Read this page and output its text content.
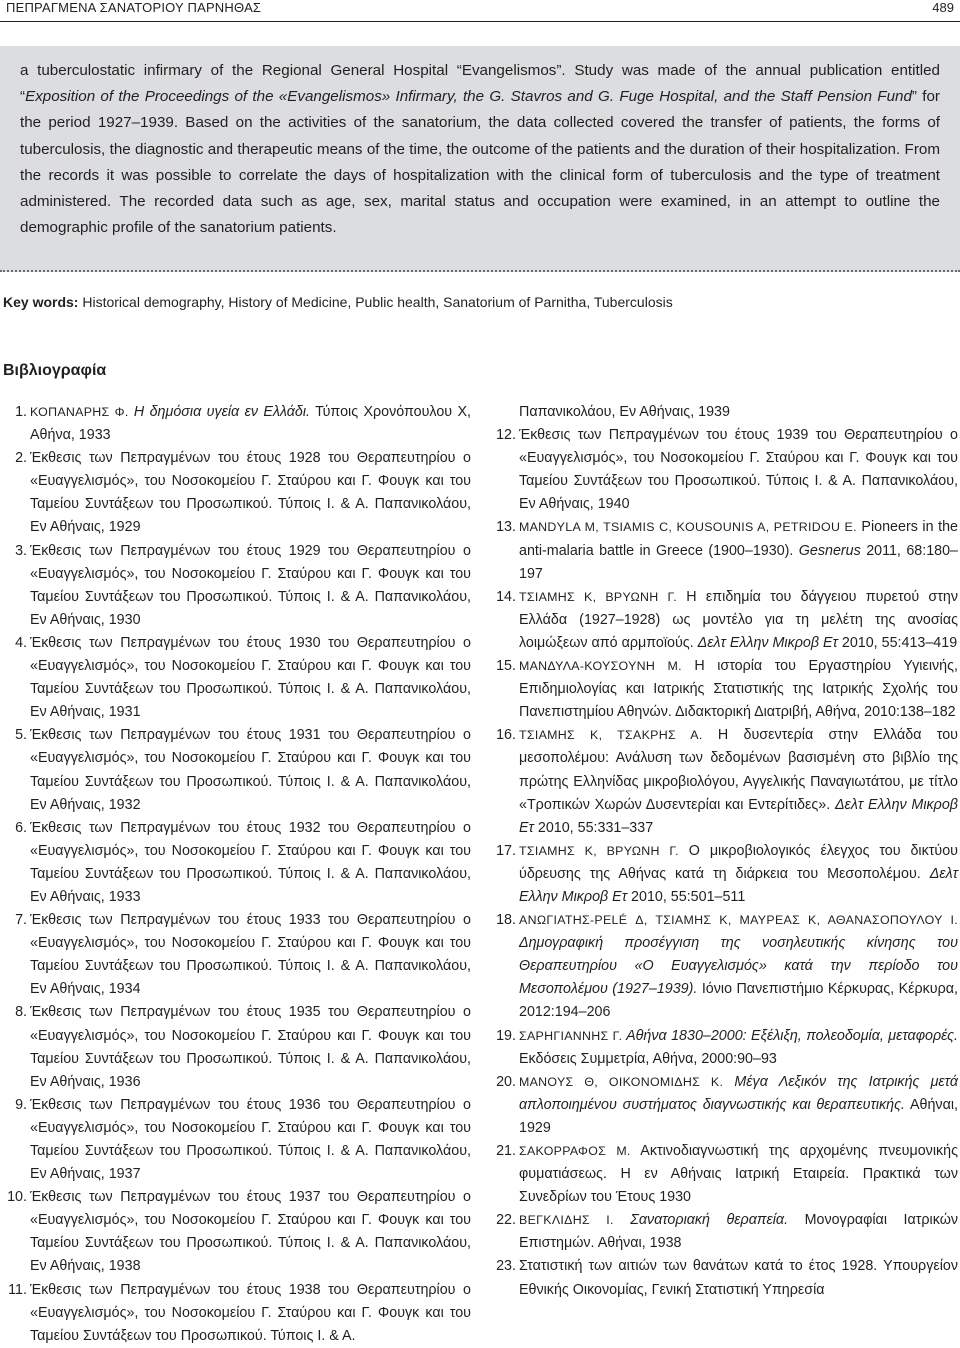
ΠΕΠΡΑΓΜΕΝΑ ΣΑΝΑΤΟΡΙΟΥ ΠΑΡΝΗΘΑΣ	489

a tuberculostatic infirmary of the Regional General Hospital “Evangelismos”. Study was made of the annual publication entitled “Exposition of the Proceedings of the «Evangelismos» Infirmary, the G. Stavros and G. Fuge Hospital, and the Staff Pension Fund” for the period 1927–1939. Based on the activities of the sanatorium, the data collected covered the transfer of patients, the forms of tuberculosis, the diagnostic and therapeutic means of the time, the outcome of the patients and the duration of their hospitalization. From the records it was possible to correlate the days of hospitalization with the clinical form of tuberculosis and the type of treatment administered. The recorded data such as age, sex, marital status and occupation were examined, in an attempt to outline the demographic profile of the sanatorium patients.

Key words: Historical demography, History of Medicine, Public health, Sanatorium of Parnitha, Tuberculosis
Βιβλιογραφία
1 . ΚΟΠΑΝΑΡΗΣ Φ. Η δημόσια υγεία εν Ελλάδι. Τύποις Χρονόπουλου Χ, Αθήνα, 1933
2 . Έκθεσις των Πεπραγμένων του έτους 1928 του Θεραπευτηρίου ο «Ευαγγελισμός», του Νοσοκομείου Γ. Σταύρου και Γ. Φουγκ και του Ταμείου Συντάξεων του Προσωπικού. Τύποις Ι. & Α. Παπανικολάου, Εν Αθήναις, 1929
3 . Έκθεσις των Πεπραγμένων του έτους 1929 του Θεραπευτηρίου ο «Ευαγγελισμός», του Νοσοκομείου Γ. Σταύρου και Γ. Φουγκ και του Ταμείου Συντάξεων του Προσωπικού. Τύποις Ι. & Α. Παπανικολάου, Εν Αθήναις, 1930
4 . Έκθεσις των Πεπραγμένων του έτους 1930 του Θεραπευτηρίου ο «Ευαγγελισμός», του Νοσοκομείου Γ. Σταύρου και Γ. Φουγκ και του Ταμείου Συντάξεων του Προσωπικού. Τύποις Ι. & Α. Παπανικολάου, Εν Αθήναις, 1931
5 . Έκθεσις των Πεπραγμένων του έτους 1931 του Θεραπευτηρίου ο «Ευαγγελισμός», του Νοσοκομείου Γ. Σταύρου και Γ. Φουγκ και του Ταμείου Συντάξεων του Προσωπικού. Τύποις Ι. & Α. Παπανικολάου, Εν Αθήναις, 1932
6 . Έκθεσις των Πεπραγμένων του έτους 1932 του Θεραπευτηρίου ο «Ευαγγελισμός», του Νοσοκομείου Γ. Σταύρου και Γ. Φουγκ και του Ταμείου Συντάξεων του Προσωπικού. Τύποις Ι. & Α. Παπανικολάου, Εν Αθήναις, 1933
7 . Έκθεσις των Πεπραγμένων του έτους 1933 του Θεραπευτηρίου ο «Ευαγγελισμός», του Νοσοκομείου Γ. Σταύρου και Γ. Φουγκ και του Ταμείου Συντάξεων του Προσωπικού. Τύποις Ι. & Α. Παπανικολάου, Εν Αθήναις, 1934
8 . Έκθεσις των Πεπραγμένων του έτους 1935 του Θεραπευτηρίου ο «Ευαγγελισμός», του Νοσοκομείου Γ. Σταύρου και Γ. Φουγκ και του Ταμείου Συντάξεων του Προσωπικού. Τύποις Ι. & Α. Παπανικολάου, Εν Αθήναις, 1936
9 . Έκθεσις των Πεπραγμένων του έτους 1936 του Θεραπευτηρίου ο «Ευαγγελισμός», του Νοσοκομείου Γ. Σταύρου και Γ. Φουγκ και του Ταμείου Συντάξεων του Προσωπικού. Τύποις Ι. & Α. Παπανικολάου, Εν Αθήναις, 1937
10 . Έκθεσις των Πεπραγμένων του έτους 1937 του Θεραπευτηρίου ο «Ευαγγελισμός», του Νοσοκομείου Γ. Σταύρου και Γ. Φουγκ και του Ταμείου Συντάξεων του Προσωπικού. Τύποις Ι. & Α. Παπανικολάου, Εν Αθήναις, 1938
11 . Έκθεσις των Πεπραγμένων του έτους 1938 του Θεραπευτηρίου ο «Ευαγγελισμός», του Νοσοκομείου Γ. Σταύρου και Γ. Φουγκ και του Ταμείου Συντάξεων του Προσωπικού. Τύποις Ι. & Α.
Παπανικολάου, Εν Αθήναις, 1939
12 . Έκθεσις των Πεπραγμένων του έτους 1939 του Θεραπευτηρίου ο «Ευαγγελισμός», του Νοσοκομείου Γ. Σταύρου και Γ. Φουγκ και του Ταμείου Συντάξεων του Προσωπικού. Τύποις Ι. & Α. Παπανικολάου, Εν Αθήναις, 1940
13 . MANDYLA M, TSIAMIS C, KOUSOUNIS A, PETRIDOU E. Pioneers in the anti-malaria battle in Greece (1900–1930). Gesnerus 2011, 68:180–197
14 . ΤΣΙΑΜΗΣ Κ, ΒΡΥΩΝΗ Γ. Η επιδημία του δάγγειου πυρετού στην Ελλάδα (1927–1928) ως μοντέλο για τη μελέτη της ανοσίας λοιμώξεων από αρμποϊούς. Δελτ Ελλην Μικροβ Ετ 2010, 55:413–419
15 . ΜΑΝΔΥΛΑ-ΚΟΥΣΟΥΝΗ Μ. Η ιστορία του Εργαστηρίου Υγιεινής, Επιδημιολογίας και Ιατρικής Στατιστικής της Ιατρικής Σχολής του Πανεπιστημίου Αθηνών. Διδακτορική Διατριβή, Αθήνα, 2010:138–182
16 . ΤΣΙΑΜΗΣ Κ, ΤΣΑΚΡΗΣ Α. Η δυσεντερία στην Ελλάδα του μεσοπολέμου: Ανάλυση των δεδομένων βασισμένη στο βιβλίο της πρώτης Ελληνίδας μικροβιολόγου, Αγγελικής Παναγιωτάτου, με τίτλο «Τροπικών Χωρών Δυσεντερίαι και Εντερίτιδες». Δελτ Ελλην Μικροβ Ετ 2010, 55:331–337
17 . ΤΣΙΑΜΗΣ Κ, ΒΡΥΩΝΗ Γ. Ο μικροβιολογικός έλεγχος του δικτύου ύδρευσης της Αθήνας κατά τη διάρκεια του Μεσοπολέμου. Δελτ Ελλην Μικροβ Ετ 2010, 55:501–511
18 . ΑΝΩΓΙΑΤΗΣ-PELÉ Δ, ΤΣΙΑΜΗΣ Κ, ΜΑΥΡΕΑΣ Κ, ΑΘΑΝΑΣΟΠΟΥΛΟΥ Ι. Δημογραφική προσέγγιση της νοσηλευτικής κίνησης του Θεραπευτηρίου «Ο Ευαγγελισμός» κατά την περίοδο του Μεσοπολέμου (1927–1939). Ιόνιο Πανεπιστήμιο Κέρκυρας, Κέρκυρα, 2012:194–206
19 . ΣΑΡΗΓΙΑΝΝΗΣ Γ. Αθήνα 1830–2000: Εξέλιξη, πολεοδομία, μεταφορές. Εκδόσεις Συμμετρία, Αθήνα, 2000:90–93
20 . ΜΑΝΟΥΣ Θ, ΟΙΚΟΝΟΜΙΔΗΣ Κ. Μέγα Λεξικόν της Ιατρικής μετά απλοποιημένου συστήματος διαγνωστικής και θεραπευτικής. Αθήναι, 1929
21 . ΣΑΚΟΡΡΑΦΟΣ Μ. Ακτινοδιαγνωστική της αρχομένης πνευμονικής φυματιάσεως. Η εν Αθήναις Ιατρική Εταιρεία. Πρακτικά των Συνεδρίων του Έτους 1930
22 . ΒΕΓΚΛΙΔΗΣ Ι. Σανατοριακή θεραπεία. Μονογραφίαι Ιατρικών Επιστημών. Αθήναι, 1938
23 . Στατιστική των αιτιών των θανάτων κατά το έτος 1928. Υπουργείον Εθνικής Οικονομίας, Γενική Στατιστική Υπηρεσία
